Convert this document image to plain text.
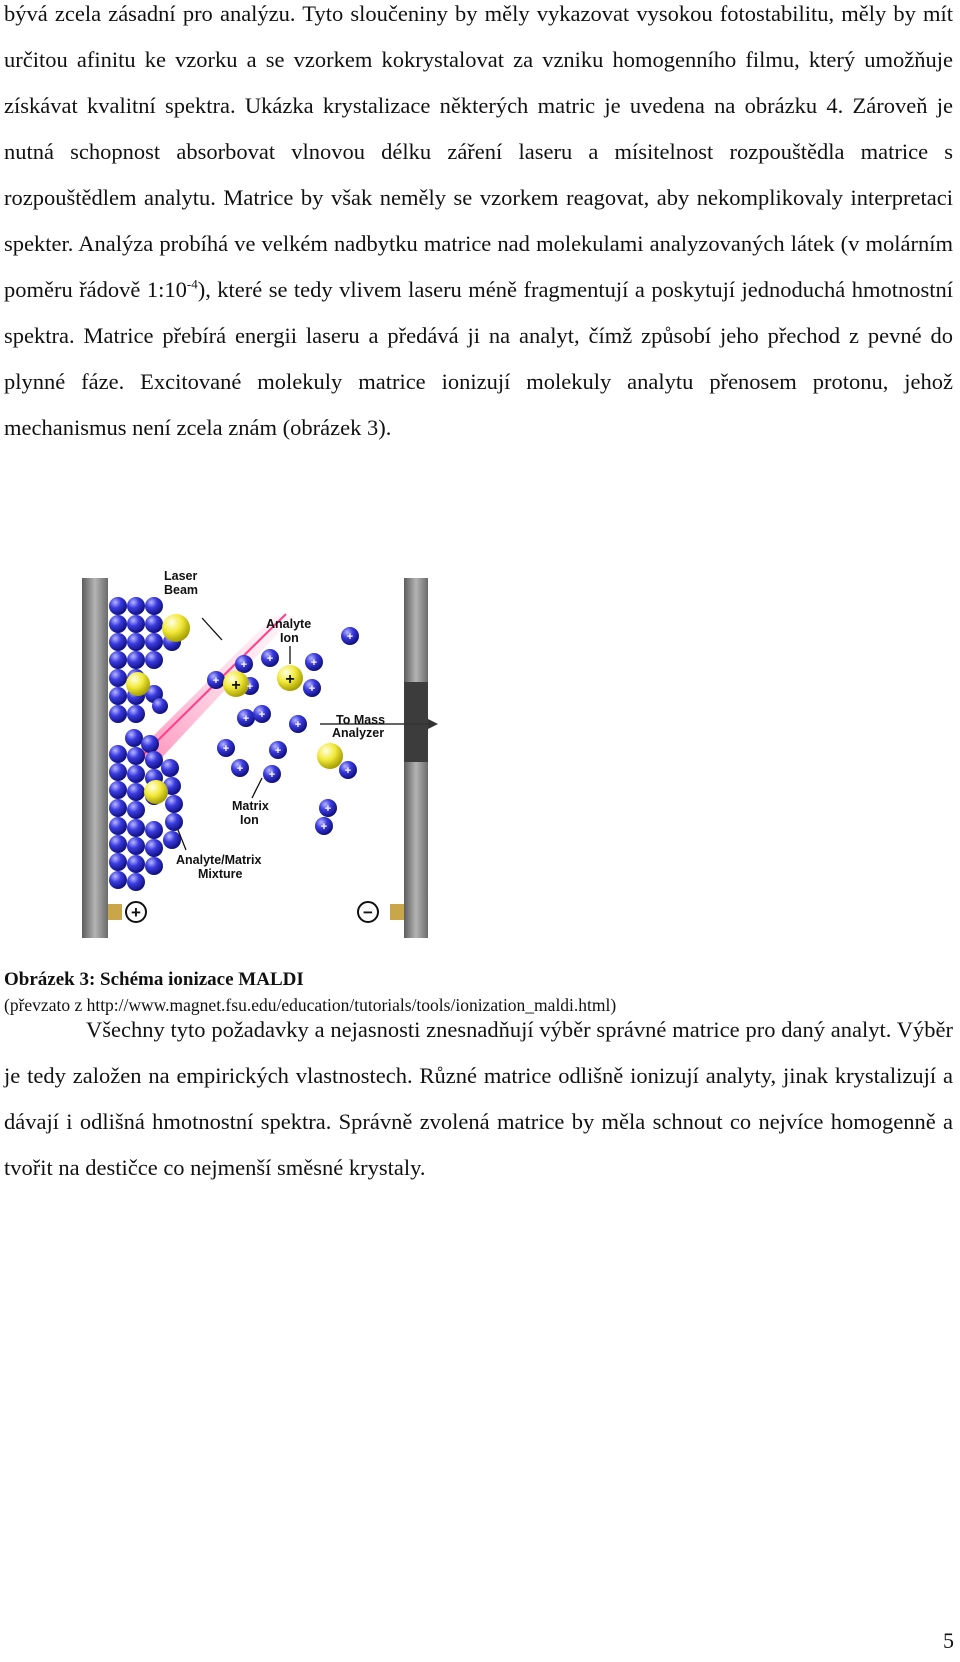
bývá zcela zásadní pro analýzu. Tyto sloučeniny by měly vykazovat vysokou fotostabilitu, měly by mít určitou afinitu ke vzorku a se vzorkem kokrystalovat za vzniku homogenního filmu, který umožňuje získávat kvalitní spektra. Ukázka krystalizace některých matric je uvedena na obrázku 4. Zároveň je nutná schopnost absorbovat vlnovou délku záření laseru a mísitelnost rozpouštědla matrice s rozpouštědlem analytu. Matrice by však neměly se vzorkem reagovat, aby nekomplikovaly interpretaci spekter. Analýza probíhá ve velkém nadbytku matrice nad molekulami analyzovaných látek (v molárním poměru řádově $1:10^{-4}$), které se tedy vlivem laseru méně fragmentují a poskytují jednoduchá hmotnostní spektra. Matrice přebírá energii laseru a předává ji na analyt, čímž způsobí jeho přechod z pevné do plynné fáze. Excitované molekuly matrice ionizují molekuly analytu přenosem protonu, jehož mechanismus není zcela znám (obrázek 3).

+
+ +	+
+	+	+
+ +
+
+	+
+ +	+
+
+
+	+
Laser
Beam
Analyte
Ion
To Mass
Analyzer
Matrix
Ion
Analyte/Matrix
Mixture
+	−

Obrázek 3: Schéma ionizace MALDI

(převzato z http://www.magnet.fsu.edu/education/tutorials/tools/ionization_maldi.html)

Všechny tyto požadavky a nejasnosti znesnadňují výběr správné matrice pro daný analyt. Výběr je tedy založen na empirických vlastnostech. Různé matrice odlišně ionizují analyty, jinak krystalizují a dávají i odlišná hmotnostní spektra. Správně zvolená matrice by měla schnout co nejvíce homogenně a tvořit na destičce co nejmenší směsné krystaly.

5
